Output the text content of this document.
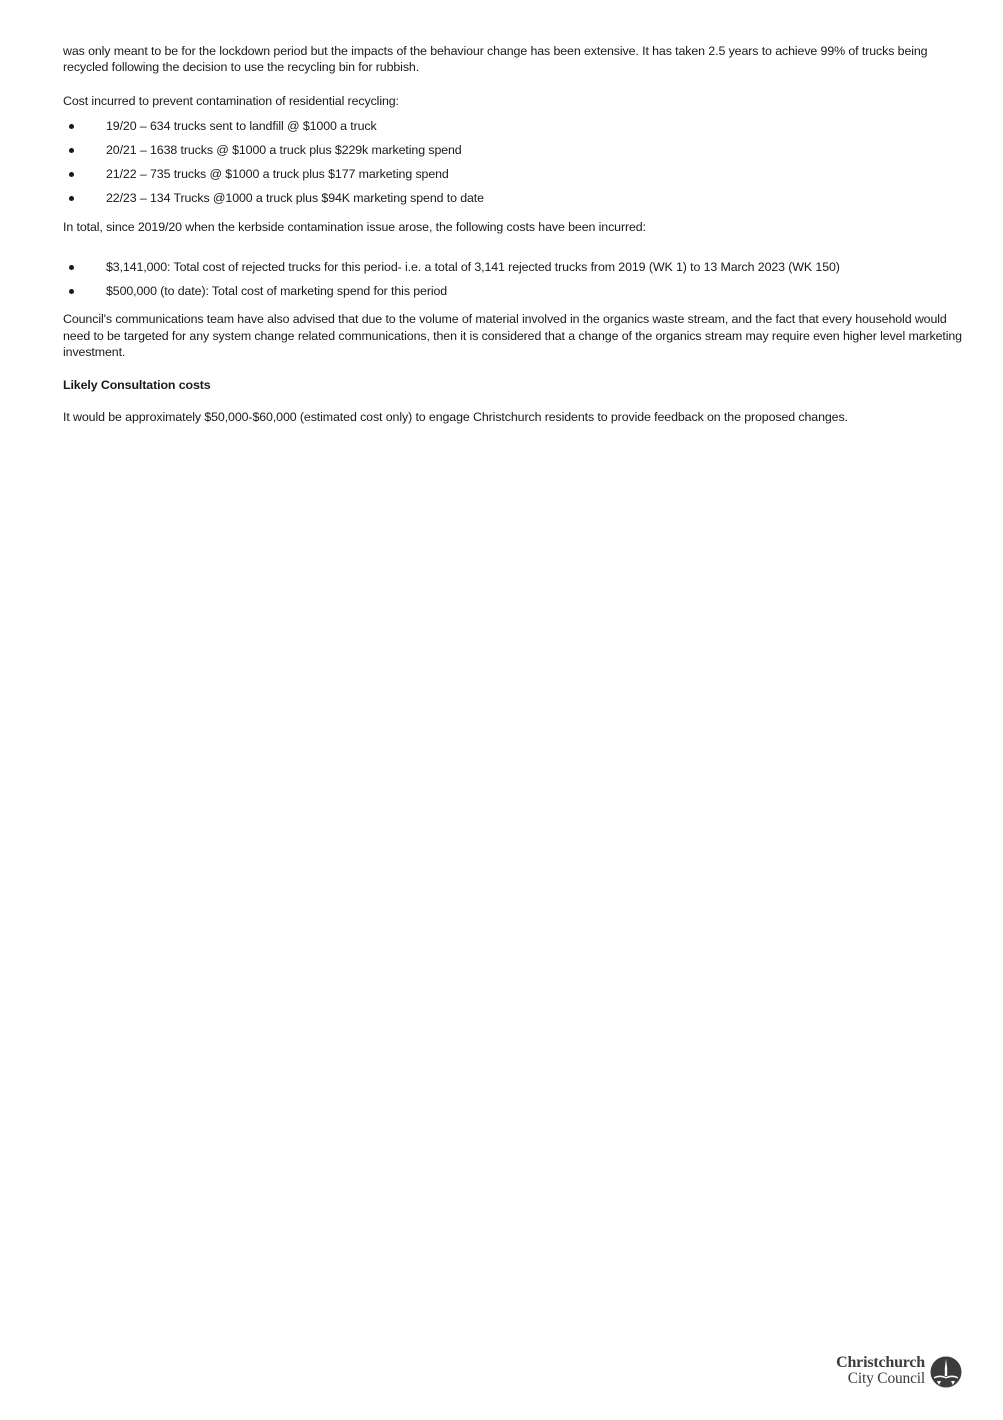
was only meant to be for the lockdown period but the impacts of the behaviour change has been extensive. It has taken 2.5 years to achieve 99% of trucks being recycled following the decision to use the recycling bin for rubbish.

Cost incurred to prevent contamination of residential recycling:

19/20 – 634 trucks sent to landfill @ $1000 a truck
20/21 – 1638 trucks @ $1000 a truck plus $229k marketing spend
21/22 – 735 trucks @ $1000 a truck plus $177 marketing spend
22/23 – 134 Trucks @1000 a truck plus $94K marketing spend to date

In total, since 2019/20 when the kerbside contamination issue arose, the following costs have been incurred:

$3,141,000: Total cost of rejected trucks for this period- i.e. a total of 3,141 rejected trucks from 2019 (WK 1) to 13 March 2023 (WK 150)
$500,000 (to date): Total cost of marketing spend for this period

Council's communications team have also advised that due to the volume of material involved in the organics waste stream, and the fact that every household would need to be targeted for any system change related communications, then it is considered that a change of the organics stream may require even higher level marketing investment.

Likely Consultation costs

It would be approximately $50,000-$60,000 (estimated cost only) to engage Christchurch residents to provide feedback on the proposed changes.

Christchurch
City Council
